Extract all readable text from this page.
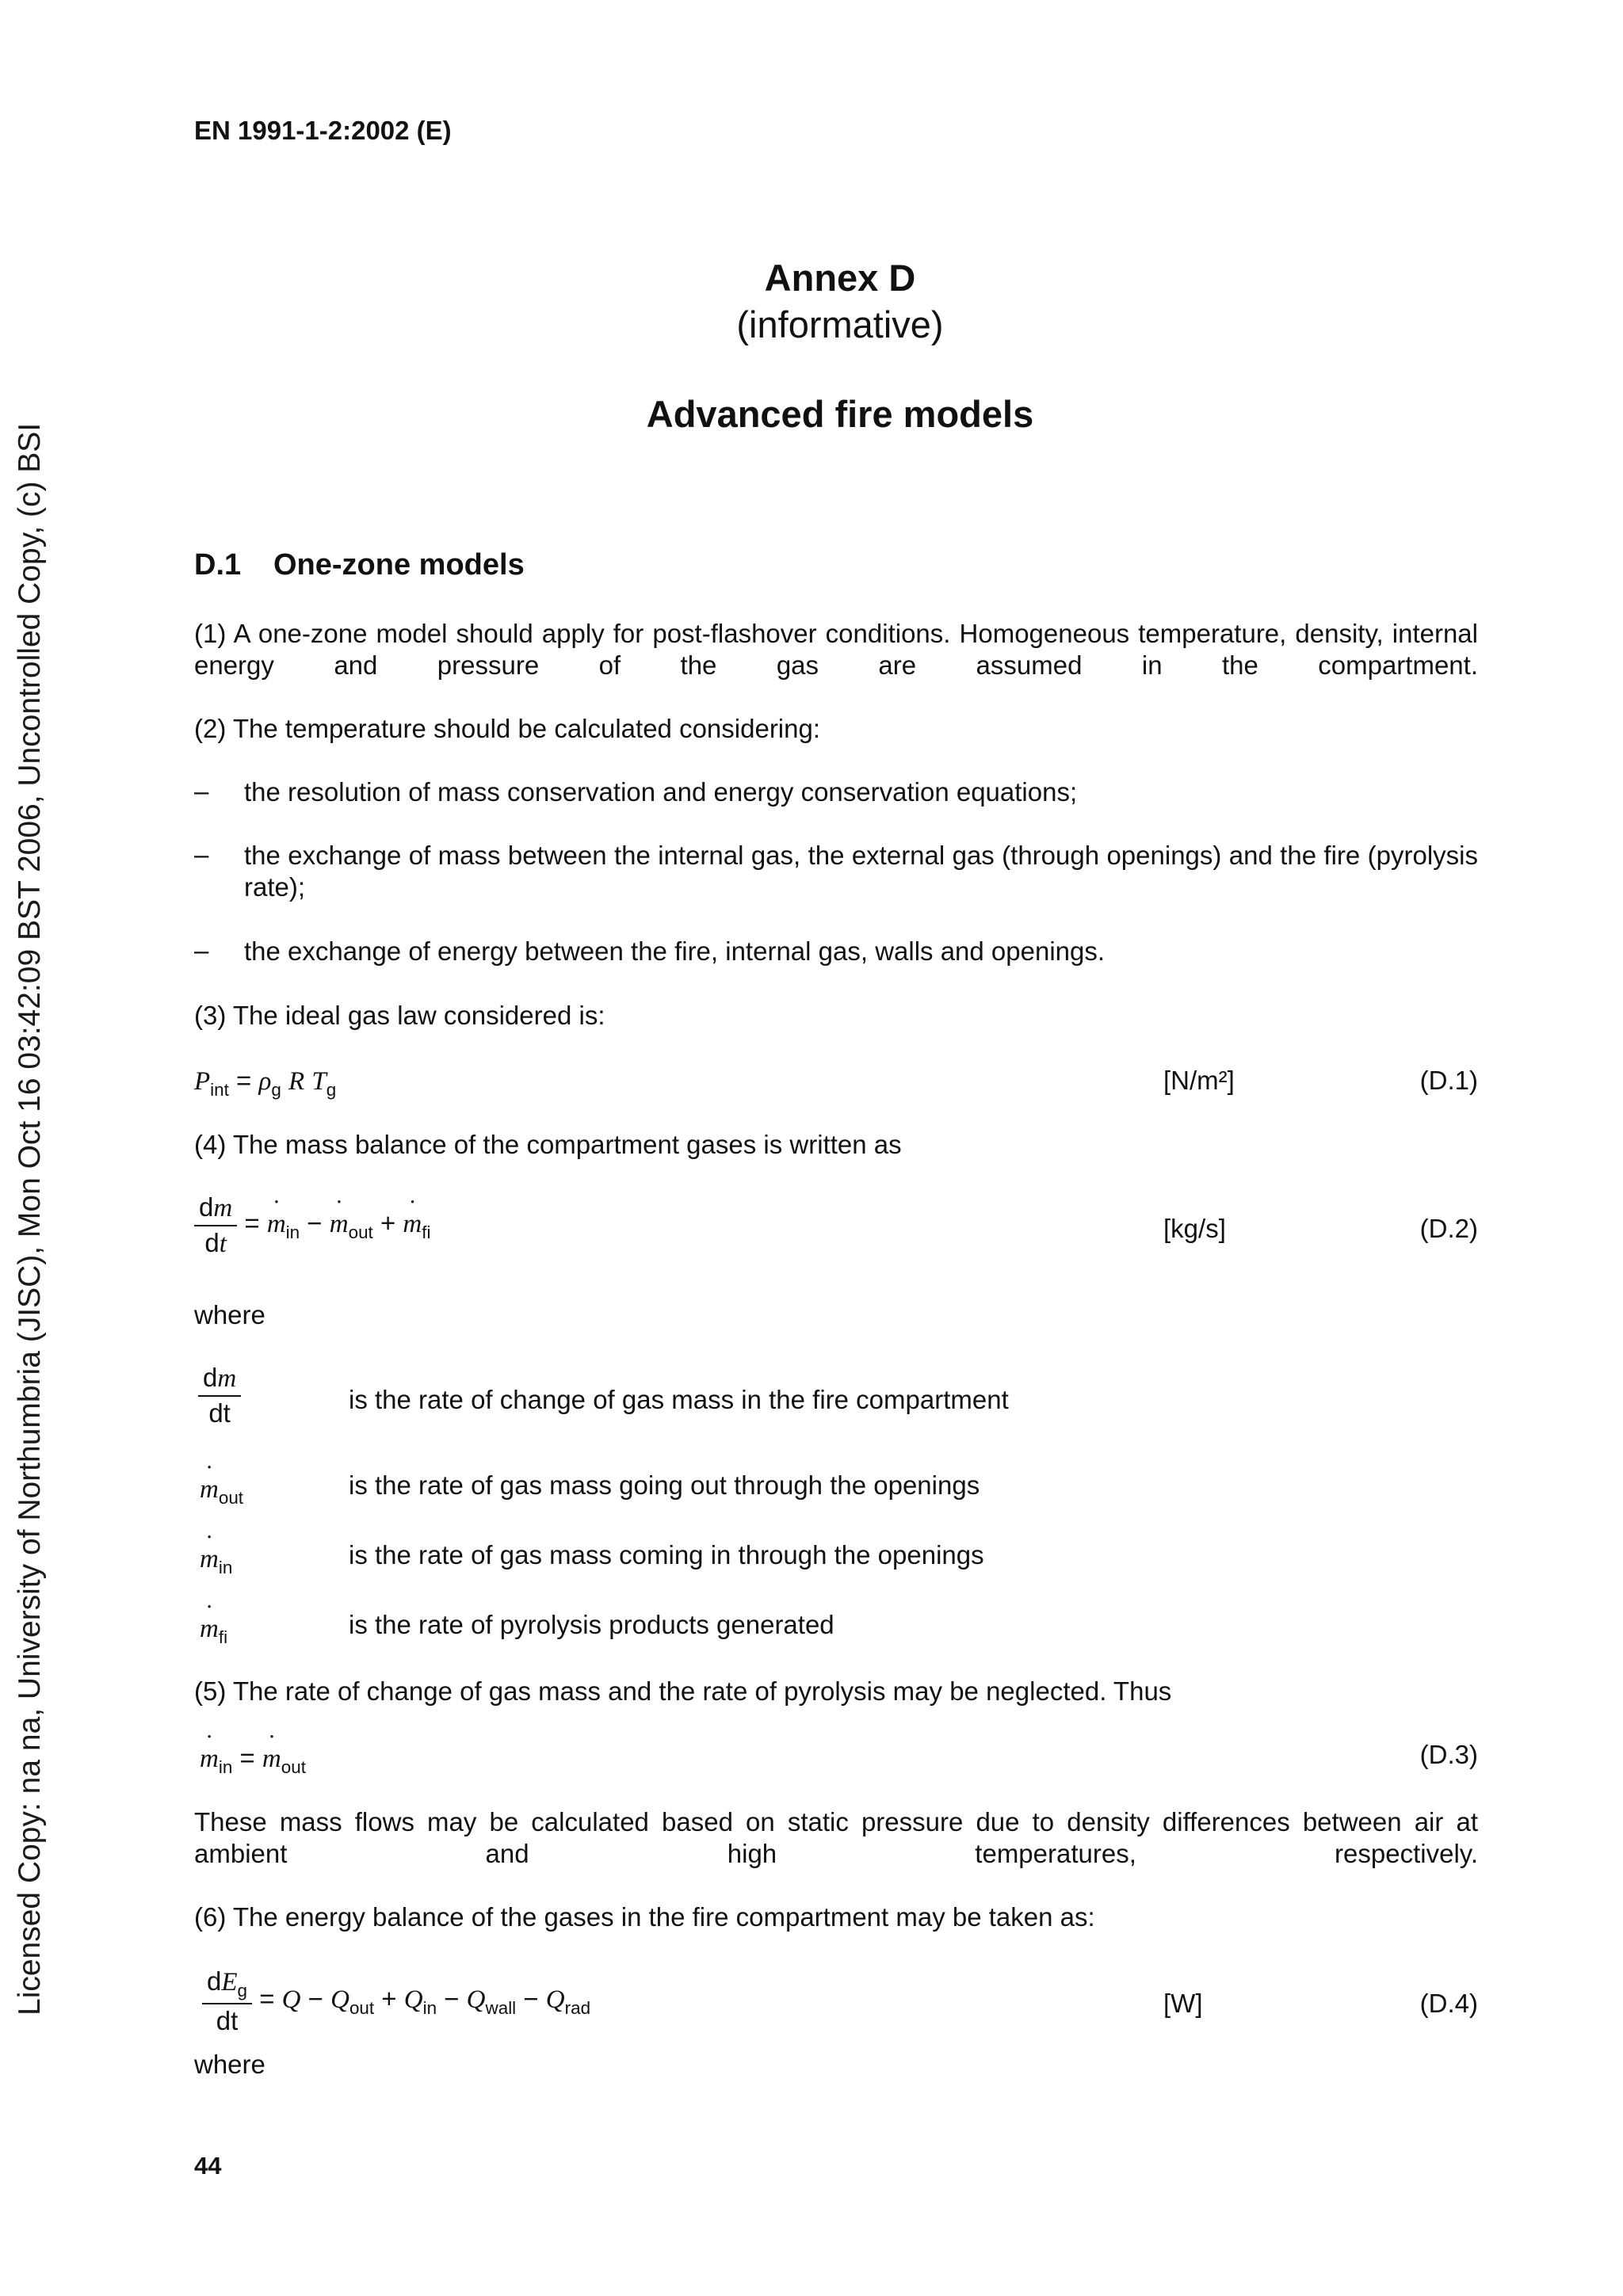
EN 1991-1-2:2002 (E)
Licensed Copy: na na, University of Northumbria (JISC), Mon Oct 16 03:42:09 BST 2006, Uncontrolled Copy, (c) BSI
Annex D
(informative)
Advanced fire models
D.1 One-zone models
(1) A one-zone model should apply for post-flashover conditions. Homogeneous temperature, density, internal energy and pressure of the gas are assumed in the compartment.
(2) The temperature should be calculated considering:
– the resolution of mass conservation and energy conservation equations;
– the exchange of mass between the internal gas, the external gas (through openings) and the fire (pyrolysis rate);
– the exchange of energy between the fire, internal gas, walls and openings.
(3) The ideal gas law considered is:
$P_{int} = \rho_g$ R $T_g$	[N/m²]	(D.1)
(4) The mass balance of the compartment gases is written as
$\frac{dm}{dt} = m$ $˙_{in} - m$ $˙_{out} + m$ $˙_{fi}$	[kg/s]	(D.2)
where
$\frac{dm}{dt}$	is the rate of change of gas mass in the fire compartment
m $˙_{out}$	is the rate of gas mass going out through the openings
m $˙_{in}$	is the rate of gas mass coming in through the openings
m $˙_{fi}$	is the rate of pyrolysis products generated
(5) The rate of change of gas mass and the rate of pyrolysis may be neglected. Thus
m $˙_{in} = m$ $˙_{out}$	(D.3)
These mass flows may be calculated based on static pressure due to density differences between air at ambient and high temperatures, respectively.
(6) The energy balance of the gases in the fire compartment may be taken as:
$\frac{dE_g}{dt} = Q - Q_{out} + Q_{in} - Q_{wall} - Q_{rad}$	[W]	(D.4)
where
44
